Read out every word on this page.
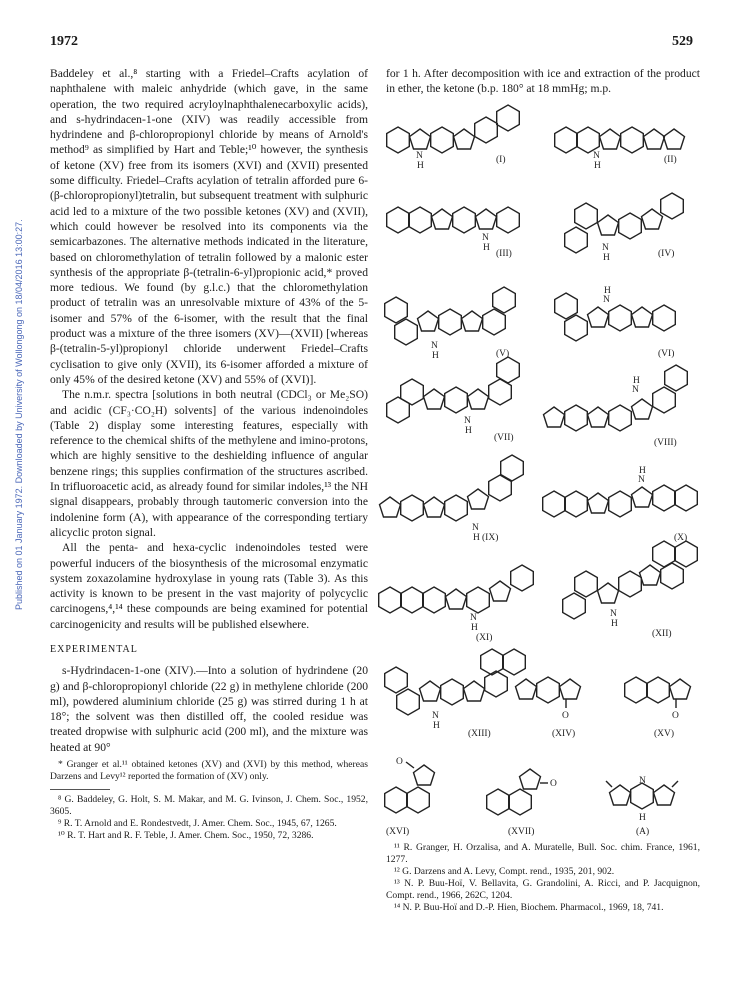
1972	529
Published on 01 January 1972. Downloaded by University of Wollongong on 18/04/2016 13:00:27.

Baddeley et al.,⁸ starting with a Friedel–Crafts acylation of naphthalene with maleic anhydride (which gave, in the same operation, the two required acryloylnaphthalenecarboxylic acids), and s-hydrindacen-1-one (XIV) was readily accessible from hydrindene and β-chloropropionyl chloride by means of Arnold's method⁹ as simplified by Hart and Teble;¹⁰ however, the synthesis of ketone (XV) free from its isomers (XVI) and (XVII) presented some difficulty. Friedel–Crafts acylation of tetralin afforded pure 6-(β-chloropropionyl)tetralin, but subsequent treatment with sulphuric acid led to a mixture of the two possible ketones (XV) and (XVII), which could however be resolved into its components via the semicarbazones. The alternative methods indicated in the literature, based on chloromethylation of tetralin followed by a malonic ester synthesis of the appropriate β-(tetralin-6-yl)propionic acid,* proved more tedious. We found (by g.l.c.) that the chloromethylation product of tetralin was an unresolvable mixture of 43% of the 5-isomer and 57% of the 6-isomer, with the result that the final product was a mixture of the three isomers (XV)—(XVII) [whereas β-(tetralin-5-yl)propionyl chloride underwent Friedel–Crafts cyclisation to give only (XVII), its 6-isomer afforded a mixture of only 45% of the desired ketone (XV) and 55% of (XVI)].

The n.m.r. spectra [solutions in both neutral (CDCl₃ or Me₂SO) and acidic (CF₃·CO₂H) solvents] of the various indenoindoles (Table 2) display some interesting features, especially with reference to the chemical shifts of the methylene and imino-protons, which are highly sensitive to the deshielding influence of angular benzene rings; this supplies confirmation of the structures ascribed. In trifluoroacetic acid, as already found for similar indoles,¹³ the NH signal disappears, probably through tautomeric conversion into the indolenine form (A), with appearance of the corresponding tertiary alicyclic proton signal.

All the penta- and hexa-cyclic indenoindoles tested were powerful inducers of the biosynthesis of the microsomal enzymatic system zoxazolamine hydroxylase in young rats (Table 3). As this activity is known to be present in the vast majority of polycyclic carcinogens,⁴,¹⁴ these compounds are being examined for potential carcinogenicity and results will be published elsewhere.

EXPERIMENTAL

s-Hydrindacen-1-one (XIV).—Into a solution of hydrindene (20 g) and β-chloropropionyl chloride (22 g) in methylene chloride (200 ml), powdered aluminium chloride (25 g) was stirred during 1 h at 18°; the solvent was then distilled off, the cooled residue was treated dropwise with sulphuric acid (200 ml), and the mixture was heated at 90°

* Granger et al.¹¹ obtained ketones (XV) and (XVI) by this method, whereas Darzens and Levy¹² reported the formation of (XV) only.

⁸ G. Baddeley, G. Holt, S. M. Makar, and M. G. Ivinson, J. Chem. Soc., 1952, 3605.

⁹ R. T. Arnold and E. Rondestvedt, J. Amer. Chem. Soc., 1945, 67, 1265.

¹⁰ R. T. Hart and R. F. Teble, J. Amer. Chem. Soc., 1950, 72, 3286.

for 1 h. After decomposition with ice and extraction of the product in ether, the ketone (b.p. 180° at 18 mmHg; m.p.
N
H
N
H
N
H	N
H
N
H
N
H
N
H
N
H
N
H
N
H
N
H
N
H
N
H
O	O
O
O	N
H
(I)	(II)
(III)	(IV)
(V)	(VI)
(VII)	(VIII)
(IX)	(X)
(XI)	(XII)
(XIII)	(XIV)	(XV)
(XVI)	(XVII)	(A)

¹¹ R. Granger, H. Orzalisa, and A. Muratelle, Bull. Soc. chim. France, 1961, 1277.

¹² G. Darzens and A. Levy, Compt. rend., 1935, 201, 902.

¹³ N. P. Buu-Hoï, V. Bellavita, G. Grandolini, A. Ricci, and P. Jacquignon, Compt. rend., 1966, 262C, 1204.

¹⁴ N. P. Buu-Hoï and D.-P. Hien, Biochem. Pharmacol., 1969, 18, 741.
